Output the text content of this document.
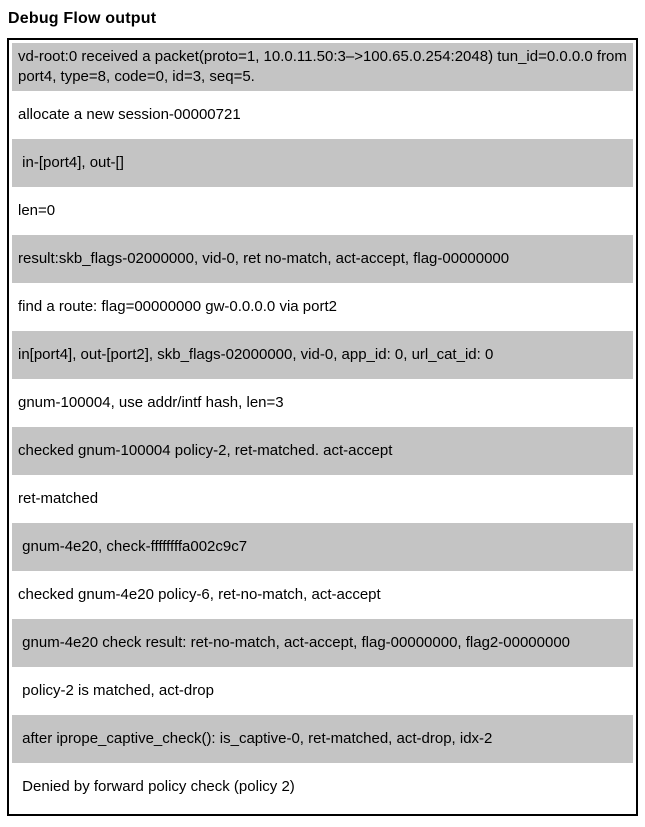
Debug Flow output
vd-root:0 received a packet(proto=1, 10.0.11.50:3–>100.65.0.254:2048) tun_id=0.0.0.0 from port4, type=8, code=0, id=3, seq=5.
allocate a new session-00000721
in-[port4], out-[]
len=0
result:skb_flags-02000000, vid-0, ret no-match, act-accept, flag-00000000
find a route: flag=00000000 gw-0.0.0.0 via port2
in[port4], out-[port2], skb_flags-02000000, vid-0, app_id: 0, url_cat_id: 0
gnum-100004, use addr/intf hash, len=3
checked gnum-100004 policy-2, ret-matched. act-accept
ret-matched
gnum-4e20, check-ffffffffa002c9c7
checked gnum-4e20 policy-6, ret-no-match, act-accept
gnum-4e20 check result: ret-no-match, act-accept, flag-00000000, flag2-00000000
policy-2 is matched, act-drop
after iprope_captive_check(): is_captive-0, ret-matched, act-drop, idx-2
Denied by forward policy check (policy 2)
